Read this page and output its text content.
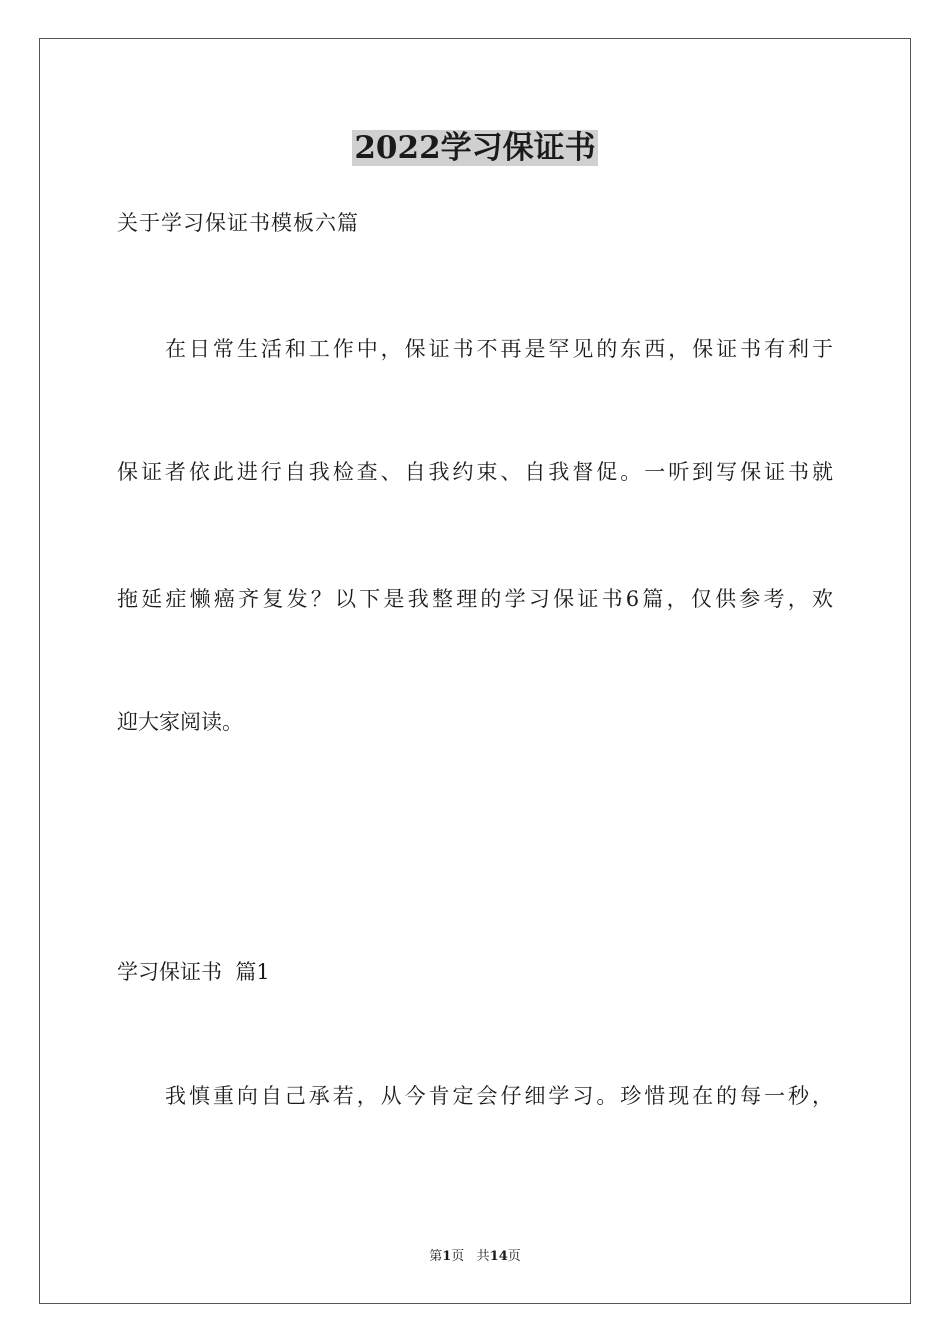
2022学习保证书
关于学习保证书模板六篇
在日常生活和工作中，保证书不再是罕见的东西，保证书有利于
保证者依此进行自我检查、自我约束、自我督促。一听到写保证书就
拖延症懒癌齐复发？以下是我整理的学习保证书6篇，仅供参考，欢
迎大家阅读。
学习保证书  篇1
我慎重向自己承若，从今肯定会仔细学习。珍惜现在的每一秒，
第1页 共14页
